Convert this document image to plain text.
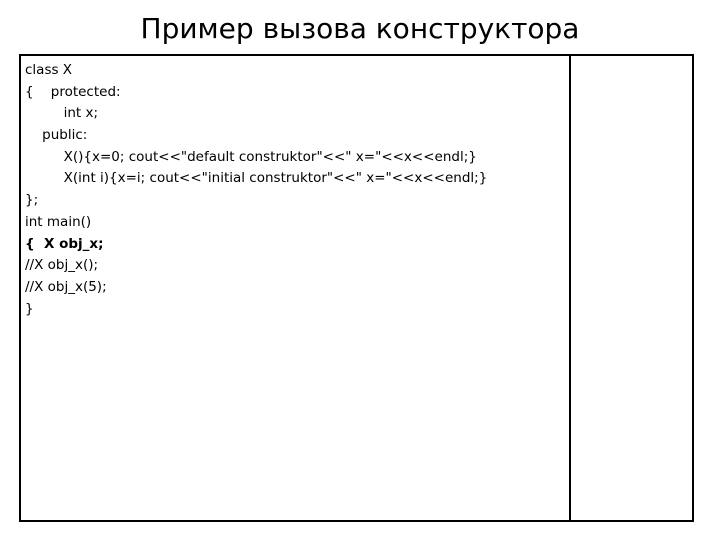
Пример вызова конструктора
class X
{    protected:
int x;
public:
X(){x=0; cout<<"default construktor"<<" x="<<x<<endl;}
X(int i){x=i; cout<<"initial construktor"<<" x="<<x<<endl;}
};
int main()
{  X obj_x;
//X obj_x();
//X obj_x(5);
}
